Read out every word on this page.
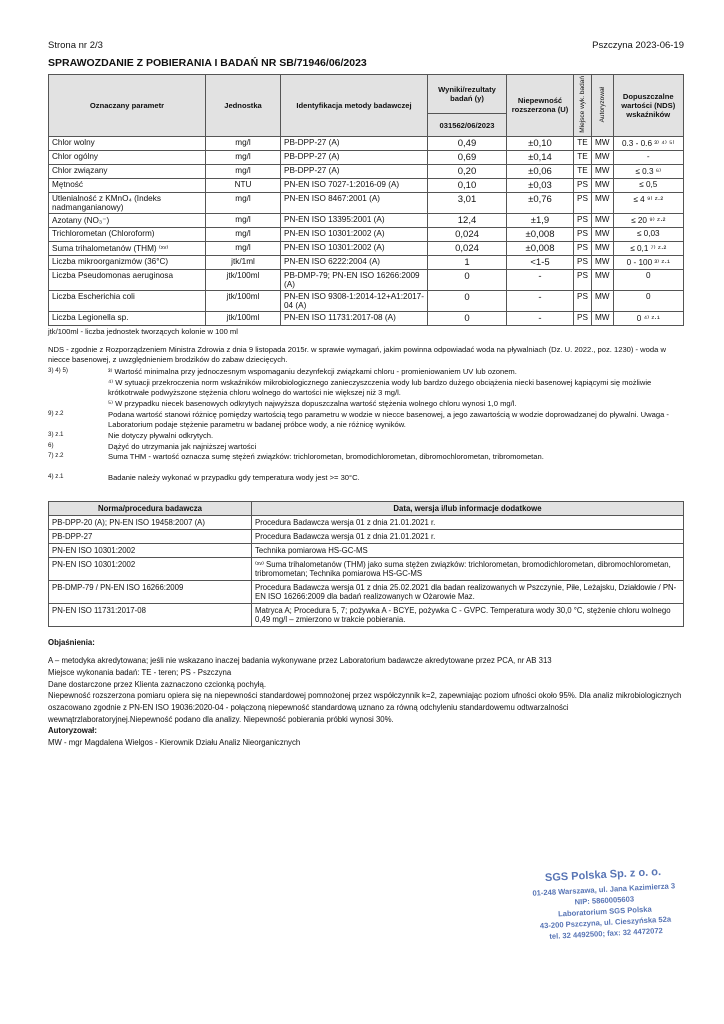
Strona nr 2/3	Pszczyna 2023-06-19
SPRAWOZDANIE Z POBIERANIA I BADAŃ NR SB/71946/06/2023
Oznaczany parametr	Jednostka	Identyfikacja metody badawczej	Wyniki/rezultaty badań (y)	Niepewność rozszerzona (U)	Miejsce wyk. badań	Autoryzował	Dopuszczalne wartości (NDS) wskaźników
			031562/06/2023				
Chlor wolny	mg/l	PB-DPP-27 (A)	0,49	±0,10	TE	MW	0.3 - 0.6 ³⁾ ⁴⁾ ⁵⁾
Chlor ogólny	mg/l	PB-DPP-27 (A)	0,69	±0,14	TE	MW	-
Chlor związany	mg/l	PB-DPP-27 (A)	0,20	±0,06	TE	MW	≤ 0.3 ⁶⁾
Mętność	NTU	PN-EN ISO 7027-1:2016-09 (A)	0,10	±0,03	PS	MW	≤ 0,5
Utlenialność z KMnO₄ (Indeks nadmanganianowy)	mg/l	PN-EN ISO 8467:2001 (A)	3,01	±0,76	PS	MW	≤ 4 ⁹⁾ ᶻ·²
Azotany (NO₃⁻)	mg/l	PN-EN ISO 13395:2001 (A)	12,4	±1,9	PS	MW	≤ 20 ⁹⁾ ᶻ·²
Trichlorometan (Chloroform)	mg/l	PN-EN ISO 10301:2002 (A)	0,024	±0,008	PS	MW	≤ 0,03
Suma trihalometanów (THM) ⁽ˣᵛ⁾	mg/l	PN-EN ISO 10301:2002 (A)	0,024	±0,008	PS	MW	≤ 0,1 ⁷⁾ ᶻ·²
Liczba mikroorganizmów (36°C)	jtk/1ml	PN-EN ISO 6222:2004 (A)	1	<1-5	PS	MW	0 - 100 ³⁾ ᶻ·¹
Liczba Pseudomonas aeruginosa	jtk/100ml	PB-DMP-79; PN-EN ISO 16266:2009 (A)	0	-	PS	MW	0
Liczba Escherichia coli	jtk/100ml	PN-EN ISO 9308-1:2014-12+A1:2017-04 (A)	0	-	PS	MW	0
Liczba Legionella sp.	jtk/100ml	PN-EN ISO 11731:2017-08 (A)	0	-	PS	MW	0 ⁴⁾ ᶻ·¹
jtk/100ml - liczba jednostek tworzących kolonie w 100 ml
NDS - zgodnie z Rozporządzeniem Ministra Zdrowia z dnia 9 listopada 2015r. w sprawie wymagań, jakim powinna odpowiadać woda na pływalniach (Dz. U. 2022., poz. 1230) - woda w niecce basenowej, z uwzględnieniem brodzików do zabaw dziecięcych.
3) 4) 5)	³⁾ Wartość minimalna przy jednoczesnym wspomaganiu dezynfekcji związkami chloru - promieniowaniem UV lub ozonem.
⁴⁾ W sytuacji przekroczenia norm wskaźników mikrobiologicznego zanieczyszczenia wody lub bardzo dużego obciążenia niecki basenowej kąpiącymi się możliwie krótkotrwałe podwyższone stężenia chloru wolnego do wartości nie większej niż 3 mg/l.
⁵⁾ W przypadku niecek basenowych odkrytych najwyższa dopuszczalna wartość stężenia wolnego chloru wynosi 1,0 mg/l.
9) z.2	Podana wartość stanowi różnicę pomiędzy wartością tego parametru w wodzie w niecce basenowej, a jego zawartością w wodzie doprowadzanej do pływalni. Uwaga - Laboratorium podaje stężenie parametru w badanej próbce wody, a nie różnicę wyników.
3) z.1	Nie dotyczy pływalni odkrytych.
6)	Dążyć do utrzymania jak najniższej wartości
7) z.2	Suma THM - wartość oznacza sumę stężeń związków: trichlorometan, bromodichlorometan, dibromochlorometan, tribromometan.
4) z.1	Badanie należy wykonać w przypadku gdy temperatura wody jest >= 30°C.
Norma/procedura badawcza	Data, wersja i/lub informacje dodatkowe
PB-DPP-20 (A); PN-EN ISO 19458:2007 (A)	Procedura Badawcza wersja 01 z dnia 21.01.2021 r.
PB-DPP-27	Procedura Badawcza wersja 01 z dnia 21.01.2021 r.
PN-EN ISO 10301:2002	Technika pomiarowa HS-GC-MS
PN-EN ISO 10301:2002	⁽ˣᵛ⁾ Suma trihalometanów (THM) jako suma stężen związków: trichlorometan, bromodichlorometan, dibromochlorometan, tribromometan; Technika pomiarowa HS-GC-MS
PB-DMP-79 / PN-EN ISO 16266:2009	Procedura Badawcza wersja 01 z dnia 25.02.2021 dla badan realizowanych w Pszczynie, Piłe, Leżajsku, Działdowie / PN-EN ISO 16266:2009 dla badań realizowanych w Ożarowie Maz.
PN-EN ISO 11731:2017-08	Matryca A; Procedura 5, 7; pożywka A - BCYE, pożywka C - GVPC. Temperatura wody 30,0 °C, stężenie chloru wolnego 0,49 mg/l – zmierzono w trakcie pobierania.
Objaśnienia:
A – metodyka akredytowana; jeśli nie wskazano inaczej badania wykonywane przez Laboratorium badawcze akredytowane przez PCA, nr AB 313
Miejsce wykonania badań: TE - teren; PS - Pszczyna
Dane dostarczone przez Klienta zaznaczono czcionką pochyłą.
Niepewność rozszerzona pomiaru opiera się na niepewności standardowej pomnożonej przez współczynnik k=2, zapewniając poziom ufności około 95%. Dla analiz mikrobiologicznych oszacowano zgodnie z PN-EN ISO 19036:2020-04 - połączoną niepewność standardową uznano za równą odchyleniu standardowemu odtwarzalności wewnątrzlaboratoryjnej.Niepewność podano dla analizy. Niepewność pobierania próbki wynosi 30%.
Autoryzował:
MW - mgr Magdalena Wielgos - Kierownik Działu Analiz Nieorganicznych
SGS Polska Sp. z o. o.
01-248 Warszawa, ul. Jana Kazimierza 3
NIP: 5860005603
Laboratorium SGS Polska
43-200 Pszczyna, ul. Cieszyńska 52a
tel. 32 4492500; fax: 32 4472072
